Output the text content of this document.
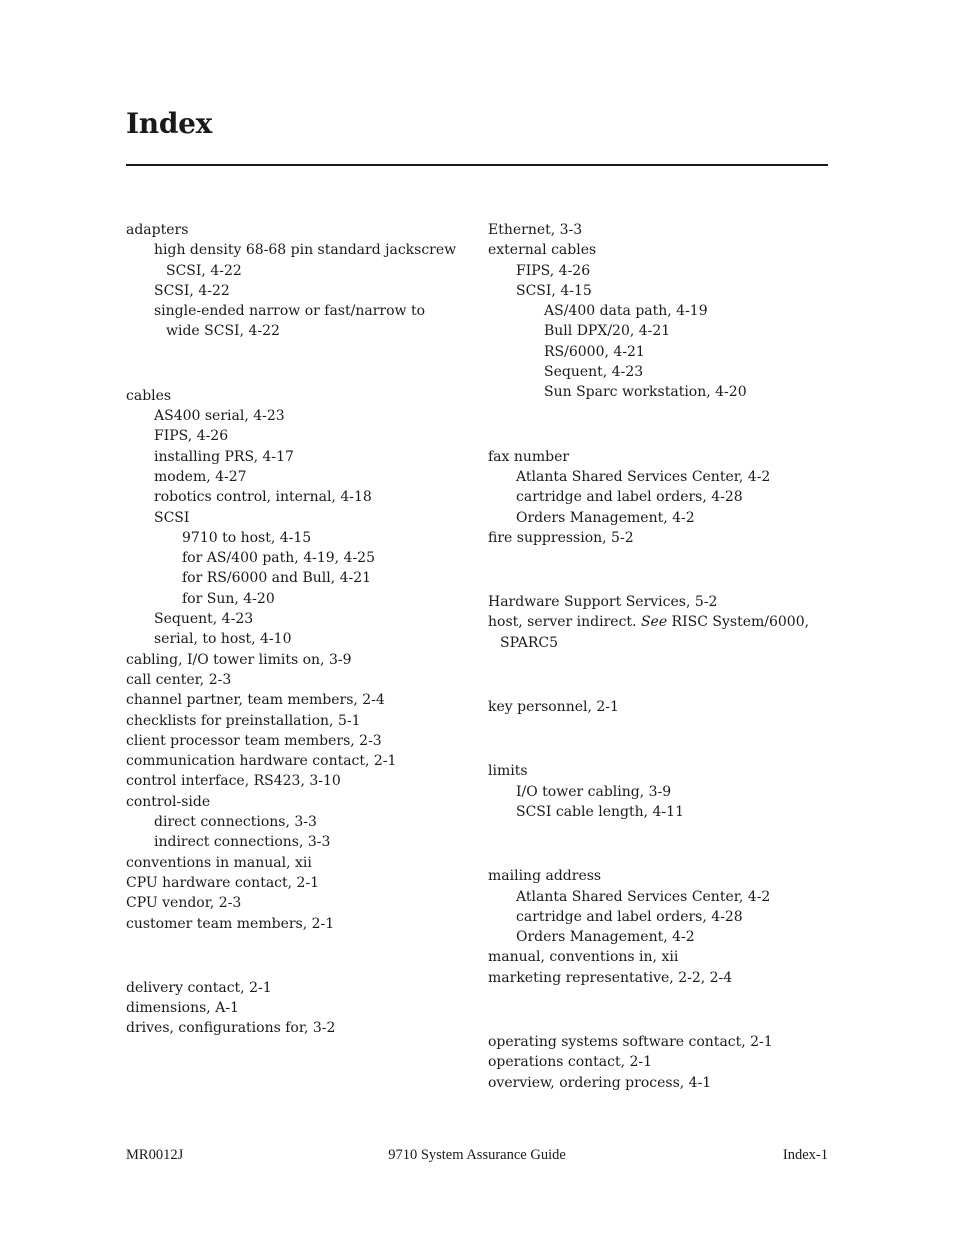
Index
adapters
high density 68-68 pin standard jackscrew
SCSI, 4-22
SCSI, 4-22
single-ended narrow or fast/narrow to
wide SCSI, 4-22
cables
AS400 serial, 4-23
FIPS, 4-26
installing PRS, 4-17
modem, 4-27
robotics control, internal, 4-18
SCSI
9710 to host, 4-15
for AS/400 path, 4-19, 4-25
for RS/6000 and Bull, 4-21
for Sun, 4-20
Sequent, 4-23
serial, to host, 4-10
cabling, I/O tower limits on, 3-9
call center, 2-3
channel partner, team members, 2-4
checklists for preinstallation, 5-1
client processor team members, 2-3
communication hardware contact, 2-1
control interface, RS423, 3-10
control-side
direct connections, 3-3
indirect connections, 3-3
conventions in manual, xii
CPU hardware contact, 2-1
CPU vendor, 2-3
customer team members, 2-1
delivery contact, 2-1
dimensions, A-1
drives, configurations for, 3-2
Ethernet, 3-3
external cables
FIPS, 4-26
SCSI, 4-15
AS/400 data path, 4-19
Bull DPX/20, 4-21
RS/6000, 4-21
Sequent, 4-23
Sun Sparc workstation, 4-20
fax number
Atlanta Shared Services Center, 4-2
cartridge and label orders, 4-28
Orders Management, 4-2
fire suppression, 5-2
Hardware Support Services, 5-2
host, server indirect. See RISC System/6000,
SPARC5
key personnel, 2-1
limits
I/O tower cabling, 3-9
SCSI cable length, 4-11
mailing address
Atlanta Shared Services Center, 4-2
cartridge and label orders, 4-28
Orders Management, 4-2
manual, conventions in, xii
marketing representative, 2-2, 2-4
operating systems software contact, 2-1
operations contact, 2-1
overview, ordering process, 4-1
MR0012J	9710 System Assurance Guide	Index-1
